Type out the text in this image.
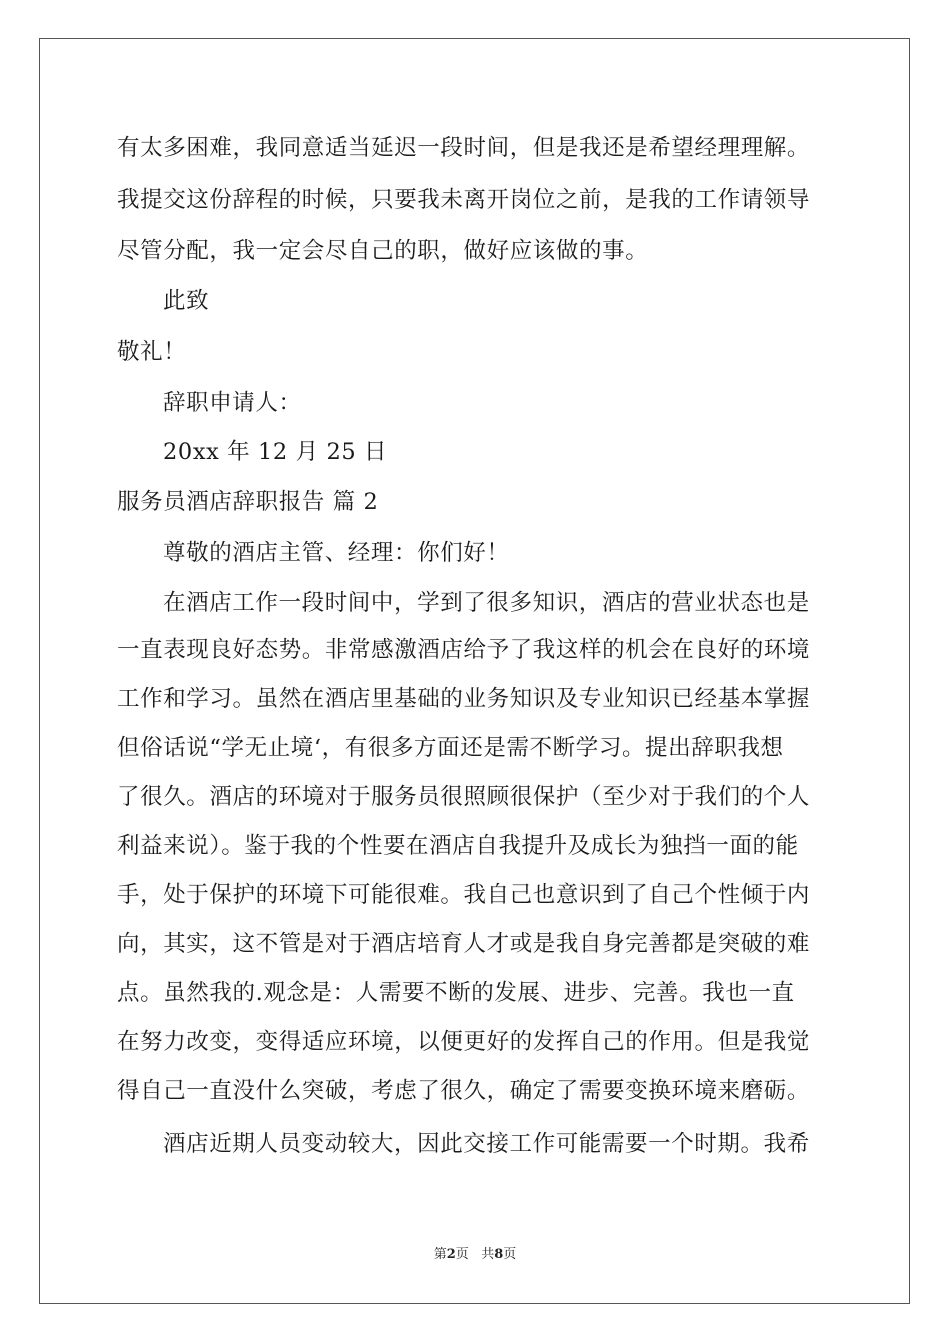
有太多困难，我同意适当延迟一段时间，但是我还是希望经理理解。
我提交这份辞程的时候，只要我未离开岗位之前，是我的工作请领导
尽管分配，我一定会尽自己的职，做好应该做的事。
此致
敬礼！
辞职申请人：
20xx 年 12 月 25 日
服务员酒店辞职报告 篇 2
尊敬的酒店主管、经理：你们好！
在酒店工作一段时间中，学到了很多知识，酒店的营业状态也是
一直表现良好态势。非常感激酒店给予了我这样的机会在良好的环境
工作和学习。虽然在酒店里基础的业务知识及专业知识已经基本掌握
但俗话说“学无止境‘，有很多方面还是需不断学习。提出辞职我想
了很久。酒店的环境对于服务员很照顾很保护（至少对于我们的个人
利益来说）。鉴于我的个性要在酒店自我提升及成长为独挡一面的能
手，处于保护的环境下可能很难。我自己也意识到了自己个性倾于内
向，其实，这不管是对于酒店培育人才或是我自身完善都是突破的难
点。虽然我的.观念是：人需要不断的发展、进步、完善。我也一直
在努力改变，变得适应环境，以便更好的发挥自己的作用。但是我觉
得自己一直没什么突破，考虑了很久，确定了需要变换环境来磨砺。
酒店近期人员变动较大，因此交接工作可能需要一个时期。我希
第2页 共8页
